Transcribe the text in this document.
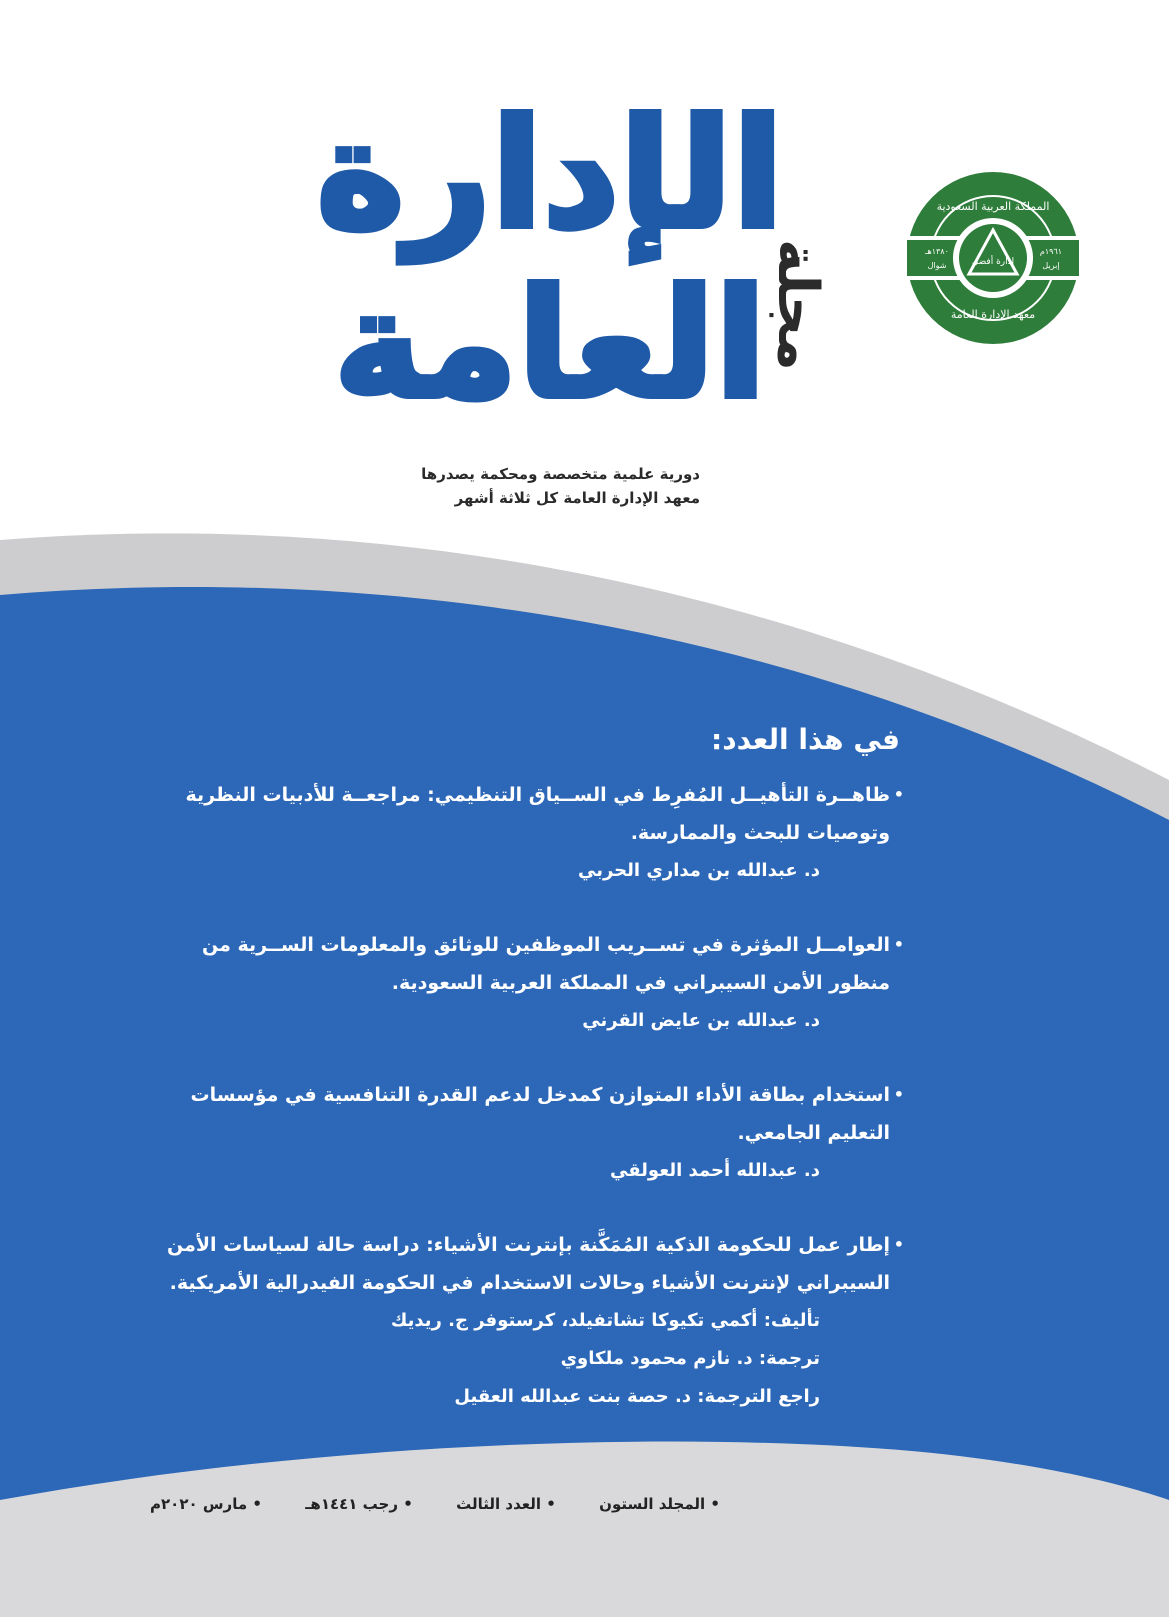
الإدارة
العامة
مجلة
المملكة العربية السعودية
معهد الإدارة العامة
إدارة أفضل
١٣٨٠هـ
شوال
١٩٦١م
إبريل
دورية علمية متخصصة ومحكمة يصدرها
معهد الإدارة العامة كل ثلاثة أشهر
في هذا العدد:
•
ظاهــرة التأهيــل المُفرِط في الســياق التنظيمي: مراجعــة للأدبيات النظرية وتوصيات للبحث والممارسة.
د. عبدالله بن مداري الحربي
•
العوامــل المؤثرة في تســريب الموظفين للوثائق والمعلومات الســرية من منظور الأمن السيبراني في المملكة العربية السعودية.
د. عبدالله بن عايض القرني
•
استخدام بطاقة الأداء المتوازن كمدخل لدعم القدرة التنافسية في مؤسسات التعليم الجامعي.
د. عبدالله أحمد العولقي
•
إطار عمل للحكومة الذكية المُمَكَّنة بإنترنت الأشياء: دراسة حالة لسياسات الأمن السيبراني لإنترنت الأشياء وحالات الاستخدام في الحكومة الفيدرالية الأمريكية.
تأليف: أكمي تكيوكا تشاتفيلد، كرستوفر ج. ريديك
ترجمة: د. نازم محمود ملكاوي
راجع الترجمة: د. حصة بنت عبدالله العقيل
• المجلد الستون
• العدد الثالث
• رجب ١٤٤١هـ
• مارس ٢٠٢٠م
